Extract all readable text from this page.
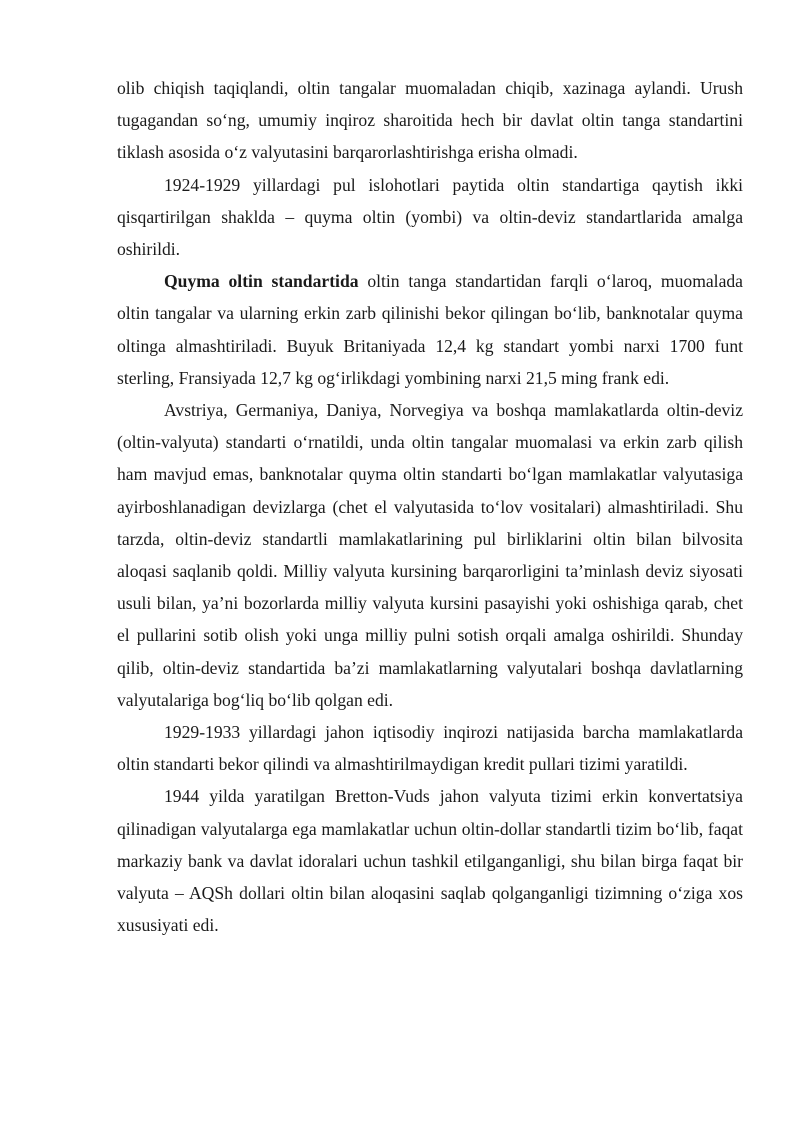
olib chiqish taqiqlandi, oltin tangalar muomaladan chiqib, xazinaga aylandi. Urush tugagandan so‘ng, umumiy inqiroz sharoitida hech bir davlat oltin tanga standartini tiklash asosida o‘z valyutasini barqarorlashtirishga erisha olmadi.

1924-1929 yillardagi pul islohotlari paytida oltin standartiga qaytish ikki qisqartirilgan shaklda – quyma oltin (yombi) va oltin-deviz standartlarida amalga oshirildi.

Quyma oltin standartida oltin tanga standartidan farqli o‘laroq, muomalada oltin tangalar va ularning erkin zarb qilinishi bekor qilingan bo‘lib, banknotalar quyma oltinga almashtiriladi. Buyuk Britaniyada 12,4 kg standart yombi narxi 1700 funt sterling, Fransiyada 12,7 kg og‘irlikdagi yombining narxi 21,5 ming frank edi.

Avstriya, Germaniya, Daniya, Norvegiya va boshqa mamlakatlarda oltin-deviz (oltin-valyuta) standarti o‘rnatildi, unda oltin tangalar muomalasi va erkin zarb qilish ham mavjud emas, banknotalar quyma oltin standarti bo‘lgan mamlakatlar valyutasiga ayirboshlanadigan devizlarga (chet el valyutasida to‘lov vositalari) almashtiriladi. Shu tarzda, oltin-deviz standartli mamlakatlarining pul birliklarini oltin bilan bilvosita aloqasi saqlanib qoldi. Milliy valyuta kursining barqarorligini ta’minlash deviz siyosati usuli bilan, ya’ni bozorlarda milliy valyuta kursini pasayishi yoki oshishiga qarab, chet el pullarini sotib olish yoki unga milliy pulni sotish orqali amalga oshirildi. Shunday qilib, oltin-deviz standartida ba’zi mamlakatlarning valyutalari boshqa davlatlarning valyutalariga bog‘liq bo‘lib qolgan edi.

1929-1933 yillardagi jahon iqtisodiy inqirozi natijasida barcha mamlakatlarda oltin standarti bekor qilindi va almashtirilmaydigan kredit pullari tizimi yaratildi.

1944 yilda yaratilgan Bretton-Vuds jahon valyuta tizimi erkin konvertatsiya qilinadigan valyutalarga ega mamlakatlar uchun oltin-dollar standartli tizim bo‘lib, faqat markaziy bank va davlat idoralari uchun tashkil etilganganligi, shu bilan birga faqat bir valyuta – AQSh dollari oltin bilan aloqasini saqlab qolganganligi tizimning o‘ziga xos xususiyati edi.
